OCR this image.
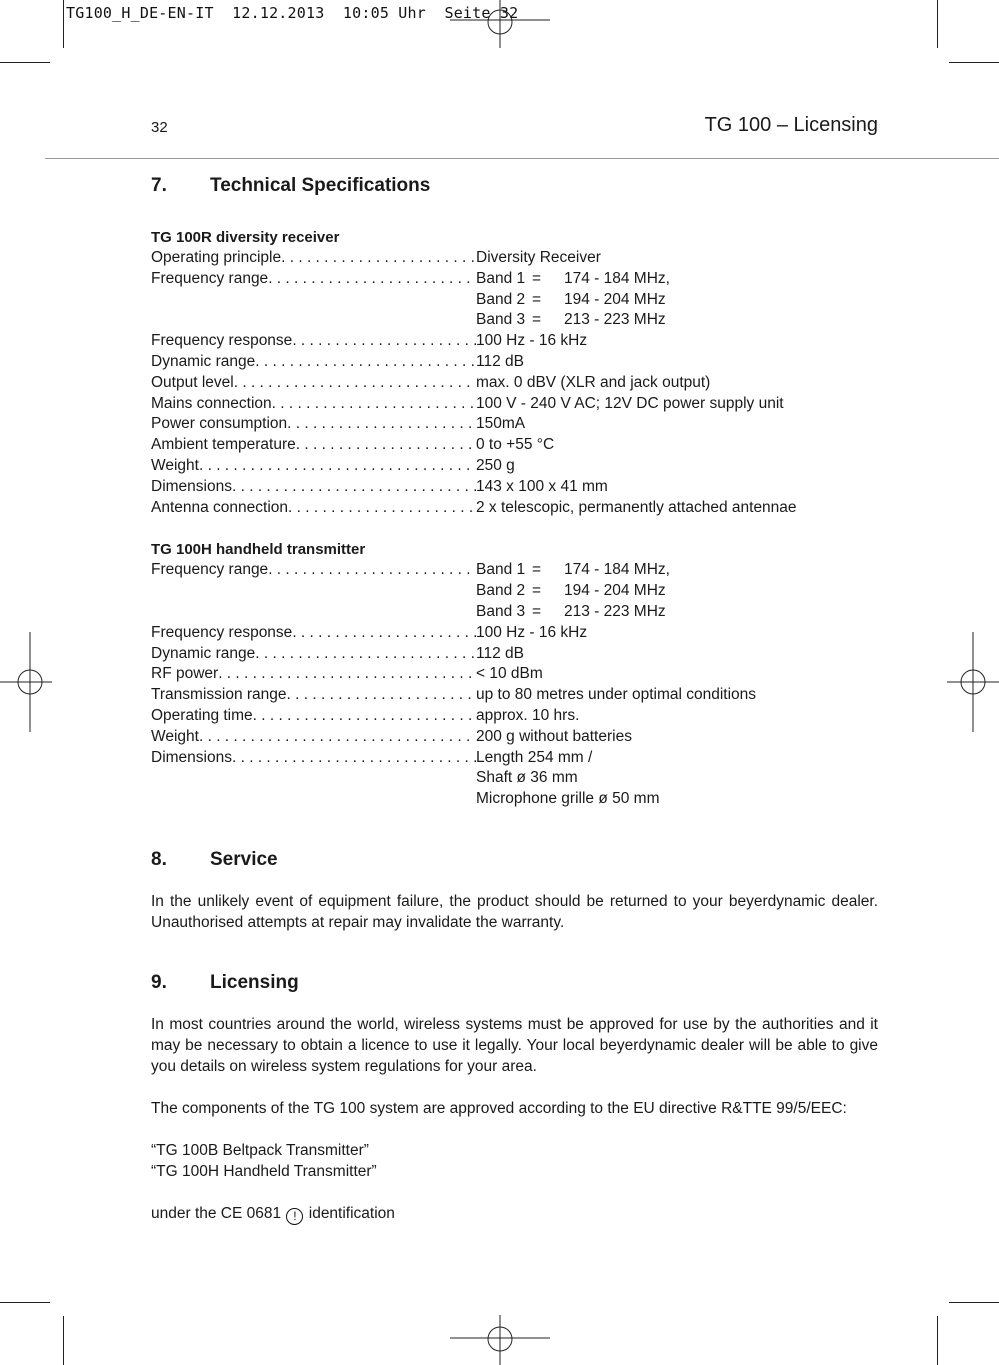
TG100_H_DE-EN-IT  12.12.2013  10:05 Uhr  Seite 32
32	TG 100 – Licensing
7.	Technical Specifications
TG 100R diversity receiver
Operating principle . . .	Diversity Receiver
Frequency range . . .	Band 1 = 174 - 184 MHz,
Band 2 = 194 - 204 MHz
Band 3 = 213 - 223 MHz
Frequency response . . .	100 Hz - 16 kHz
Dynamic range . . .	112 dB
Output level . . .	max. 0 dBV (XLR and jack output)
Mains connection . . .	100 V - 240 V AC; 12V DC power supply unit
Power consumption . . .	150mA
Ambient temperature . . .	0 to +55 °C
Weight . . .	250 g
Dimensions . . .	143 x 100 x 41 mm
Antenna connection . . .	2 x telescopic, permanently attached antennae
TG 100H handheld transmitter
Frequency range . . .	Band 1 = 174 - 184 MHz,
Band 2 = 194 - 204 MHz
Band 3 = 213 - 223 MHz
Frequency response . . .	100 Hz - 16 kHz
Dynamic range . . .	112 dB
RF power . . .	< 10 dBm
Transmission range . . .	up to 80 metres under optimal conditions
Operating time . . .	approx. 10 hrs.
Weight . . .	200 g without batteries
Dimensions . . .	Length 254 mm /
Shaft ø 36 mm
Microphone grille ø 50 mm
8.	Service

In the unlikely event of equipment failure, the product should be returned to your beyerdynamic dealer. Unauthorised attempts at repair may invalidate the warranty.

9.	Licensing

In most countries around the world, wireless systems must be approved for use by the authorities and it may be necessary to obtain a licence to use it legally. Your local beyerdynamic dealer will be able to give you details on wireless system regulations for your area.

The components of the TG 100 system are approved according to the EU directive R&TTE 99/5/EEC:

“TG 100B Beltpack Transmitter”

“TG 100H Handheld Transmitter”

under the CE 0681 ! identification
